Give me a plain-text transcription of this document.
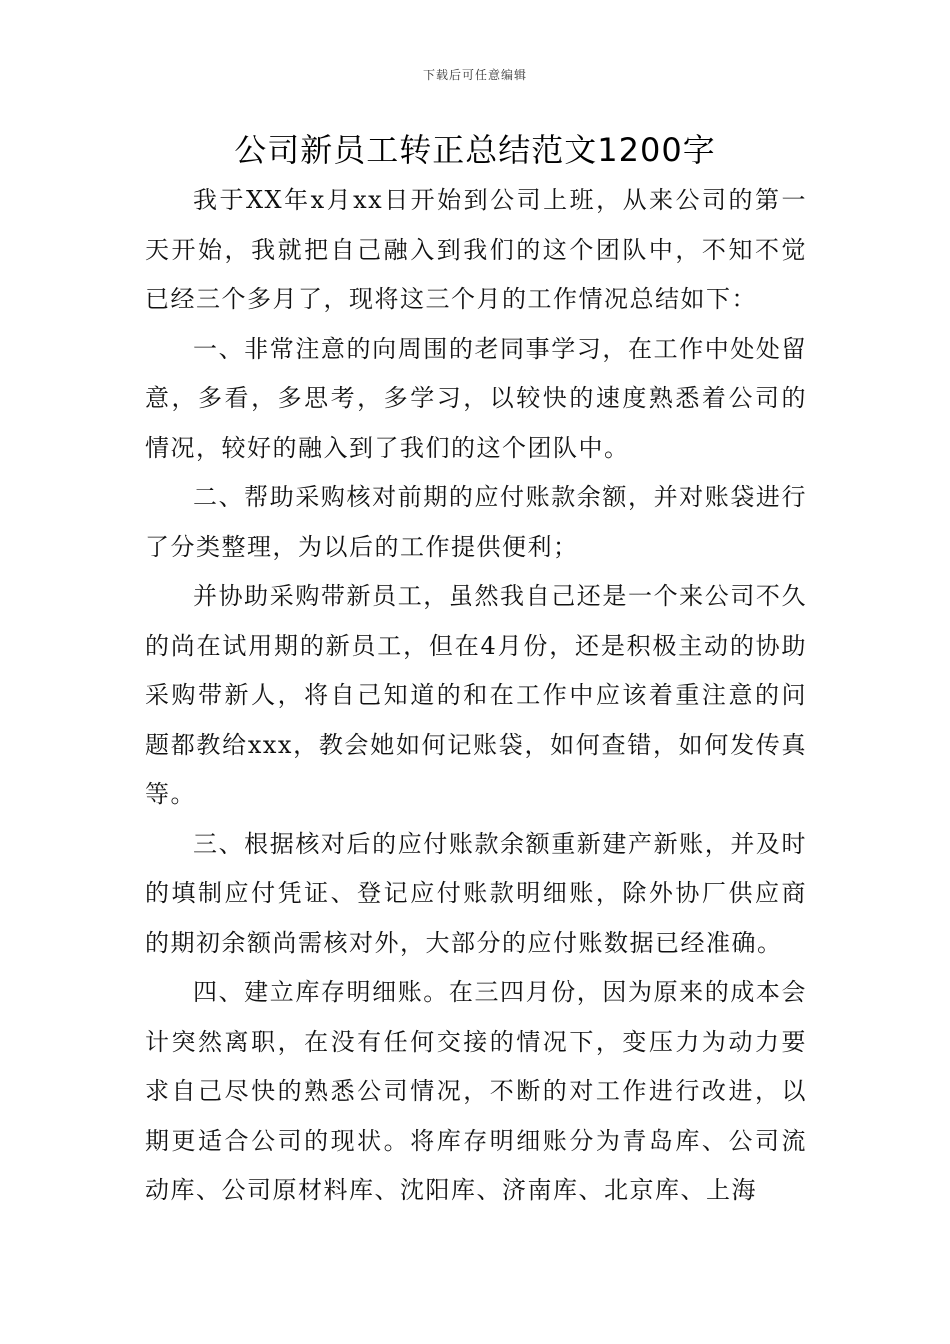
下载后可任意编辑
公司新员工转正总结范文1200字

我于XX年x月xx日开始到公司上班，从来公司的第一天开始，我就把自己融入到我们的这个团队中，不知不觉已经三个多月了，现将这三个月的工作情况总结如下：

一、非常注意的向周围的老同事学习，在工作中处处留意，多看，多思考，多学习，以较快的速度熟悉着公司的情况，较好的融入到了我们的这个团队中。

二、帮助采购核对前期的应付账款余额，并对账袋进行了分类整理，为以后的工作提供便利；

并协助采购带新员工，虽然我自己还是一个来公司不久的尚在试用期的新员工，但在4月份，还是积极主动的协助采购带新人，将自己知道的和在工作中应该着重注意的问题都教给xxx，教会她如何记账袋，如何查错，如何发传真等。

三、根据核对后的应付账款余额重新建产新账，并及时的填制应付凭证、登记应付账款明细账，除外协厂供应商的期初余额尚需核对外，大部分的应付账数据已经准确。

四、建立库存明细账。在三四月份，因为原来的成本会计突然离职，在没有任何交接的情况下，变压力为动力要求自己尽快的熟悉公司情况，不断的对工作进行改进，以期更适合公司的现状。将库存明细账分为青岛库、公司流动库、公司原材料库、沈阳库、济南库、北京库、上海
